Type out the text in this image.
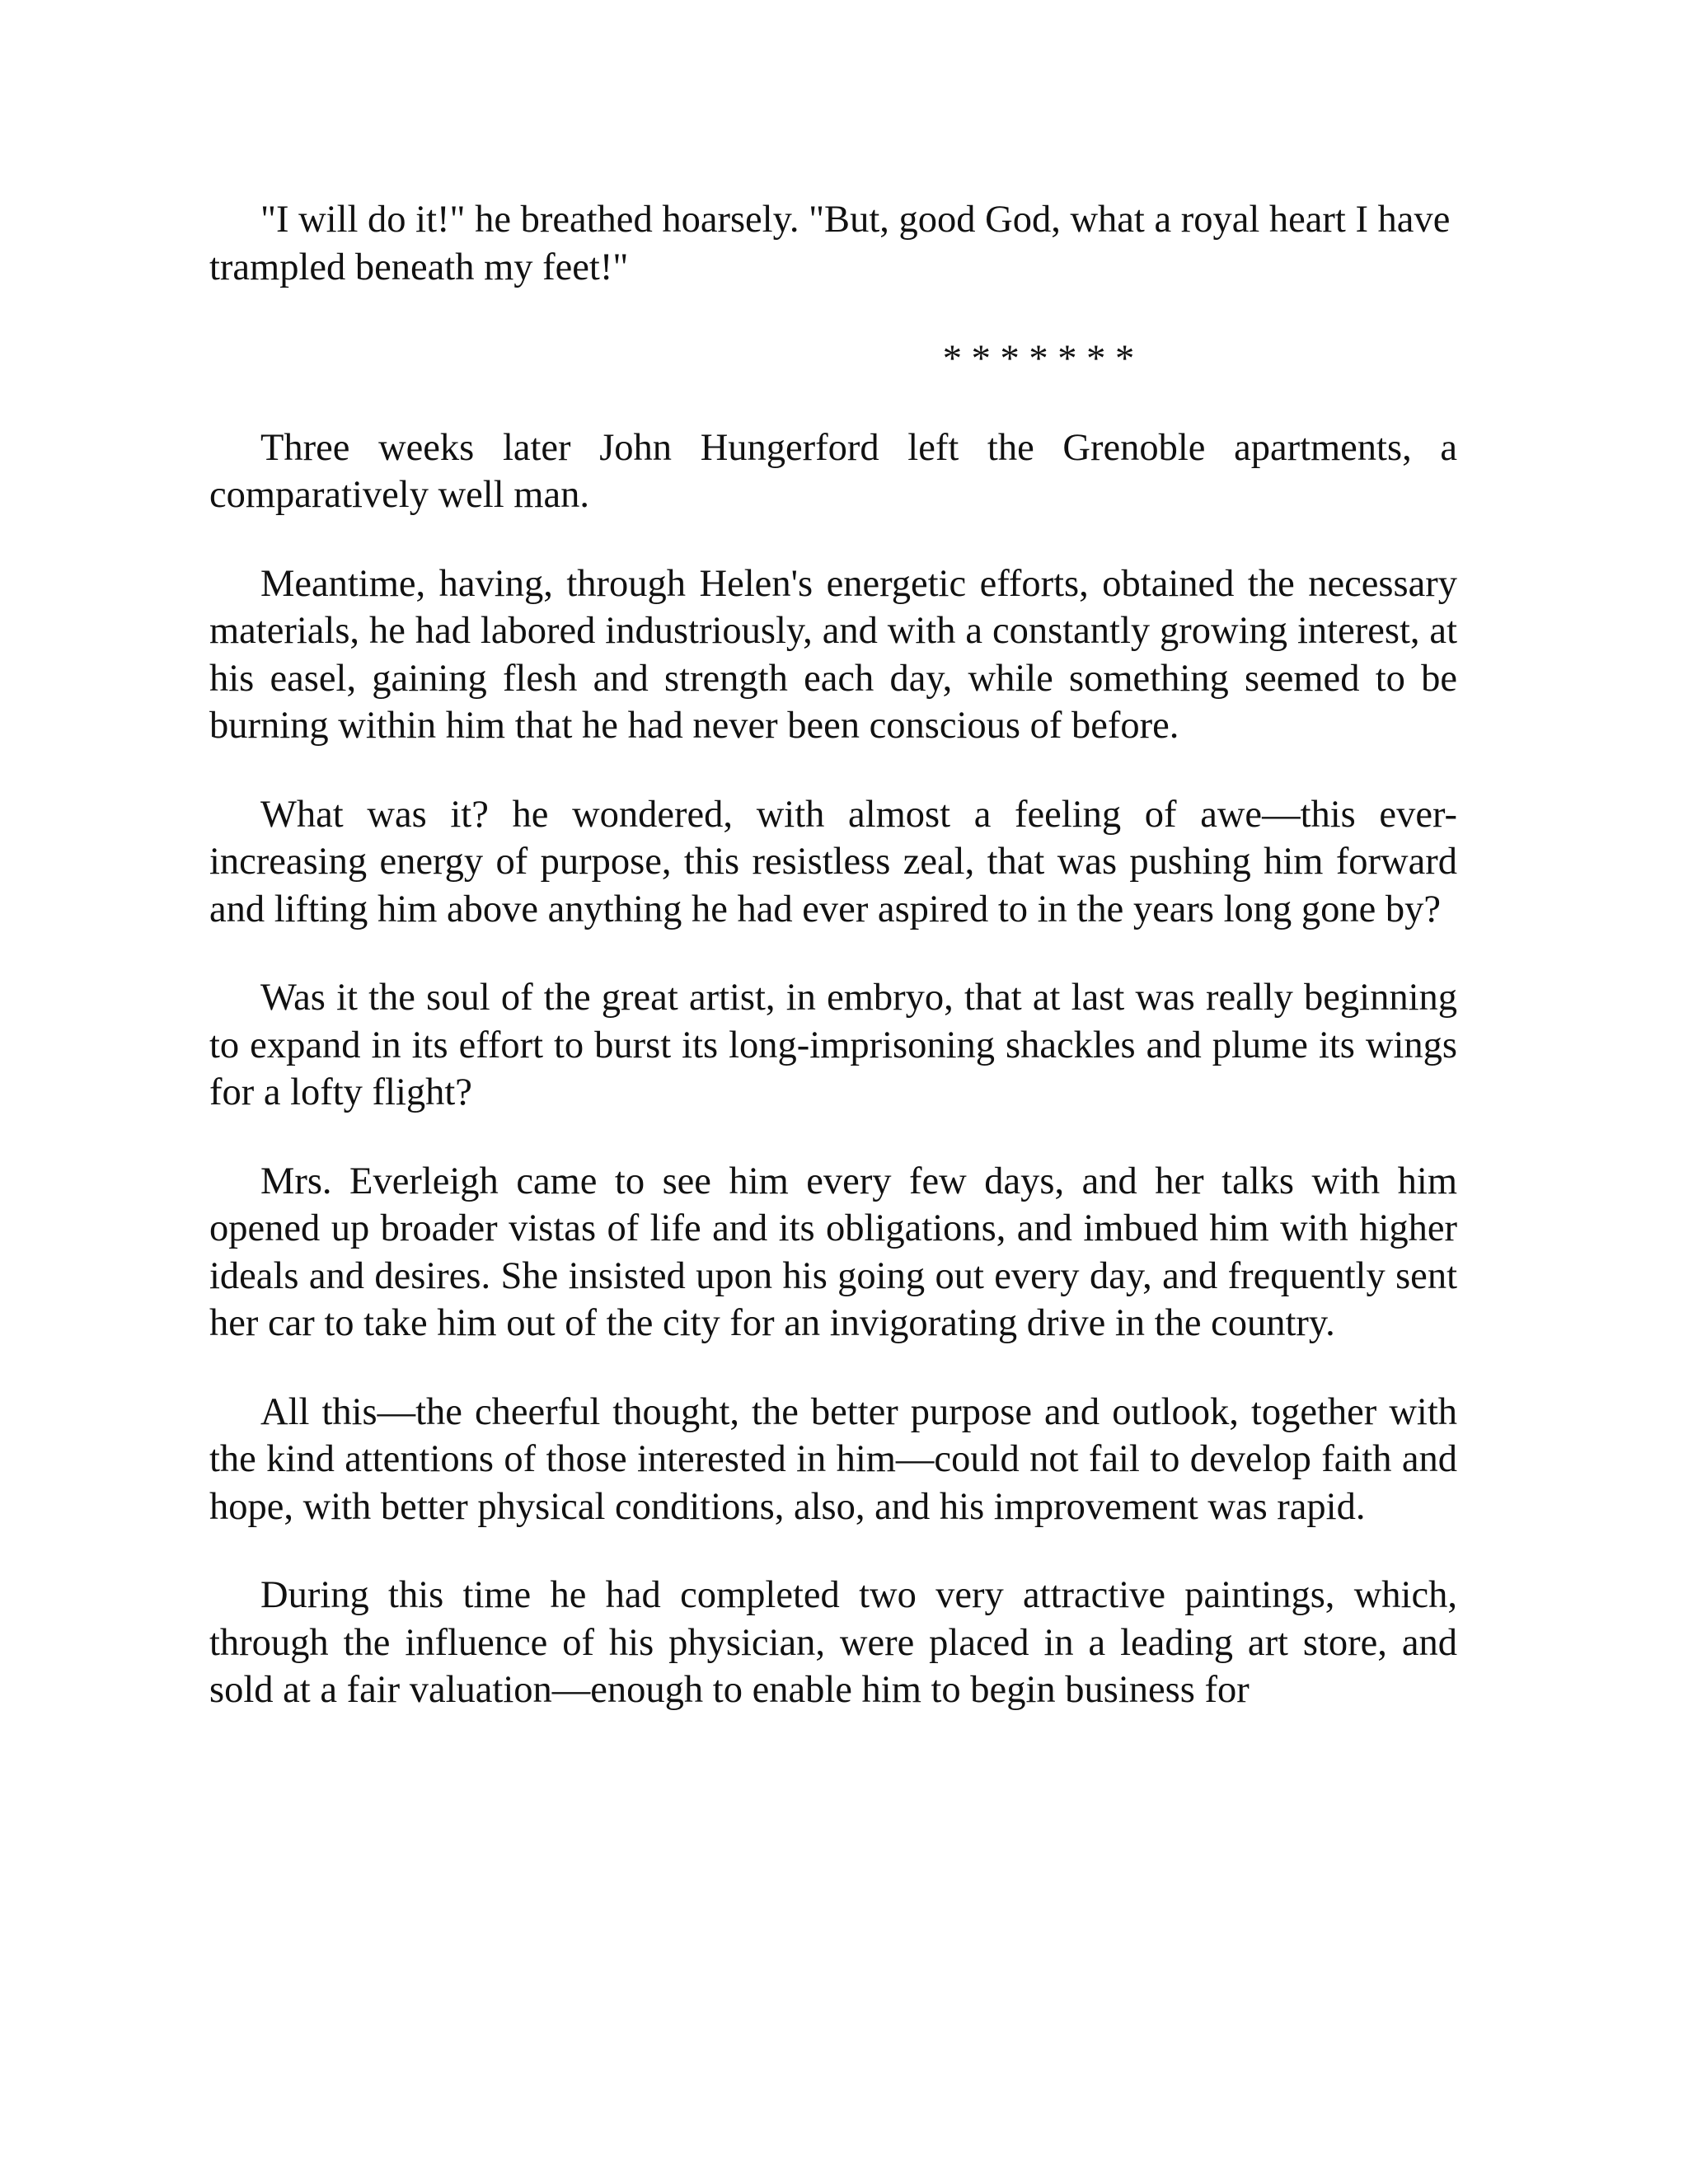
"I will do it!" he breathed hoarsely. "But, good God, what a royal heart I have trampled beneath my feet!"

* * * * * * *

Three weeks later John Hungerford left the Grenoble apartments, a comparatively well man.

Meantime, having, through Helen's energetic efforts, obtained the necessary materials, he had labored industriously, and with a constantly growing interest, at his easel, gaining flesh and strength each day, while something seemed to be burning within him that he had never been conscious of before.

What was it? he wondered, with almost a feeling of awe—this ever-increasing energy of purpose, this resistless zeal, that was pushing him forward and lifting him above anything he had ever aspired to in the years long gone by?

Was it the soul of the great artist, in embryo, that at last was really beginning to expand in its effort to burst its long-imprisoning shackles and plume its wings for a lofty flight?

Mrs. Everleigh came to see him every few days, and her talks with him opened up broader vistas of life and its obligations, and imbued him with higher ideals and desires. She insisted upon his going out every day, and frequently sent her car to take him out of the city for an invigorating drive in the country.

All this—the cheerful thought, the better purpose and outlook, together with the kind attentions of those interested in him—could not fail to develop faith and hope, with better physical conditions, also, and his improvement was rapid.

During this time he had completed two very attractive paintings, which, through the influence of his physician, were placed in a leading art store, and sold at a fair valuation—enough to enable him to begin business for
